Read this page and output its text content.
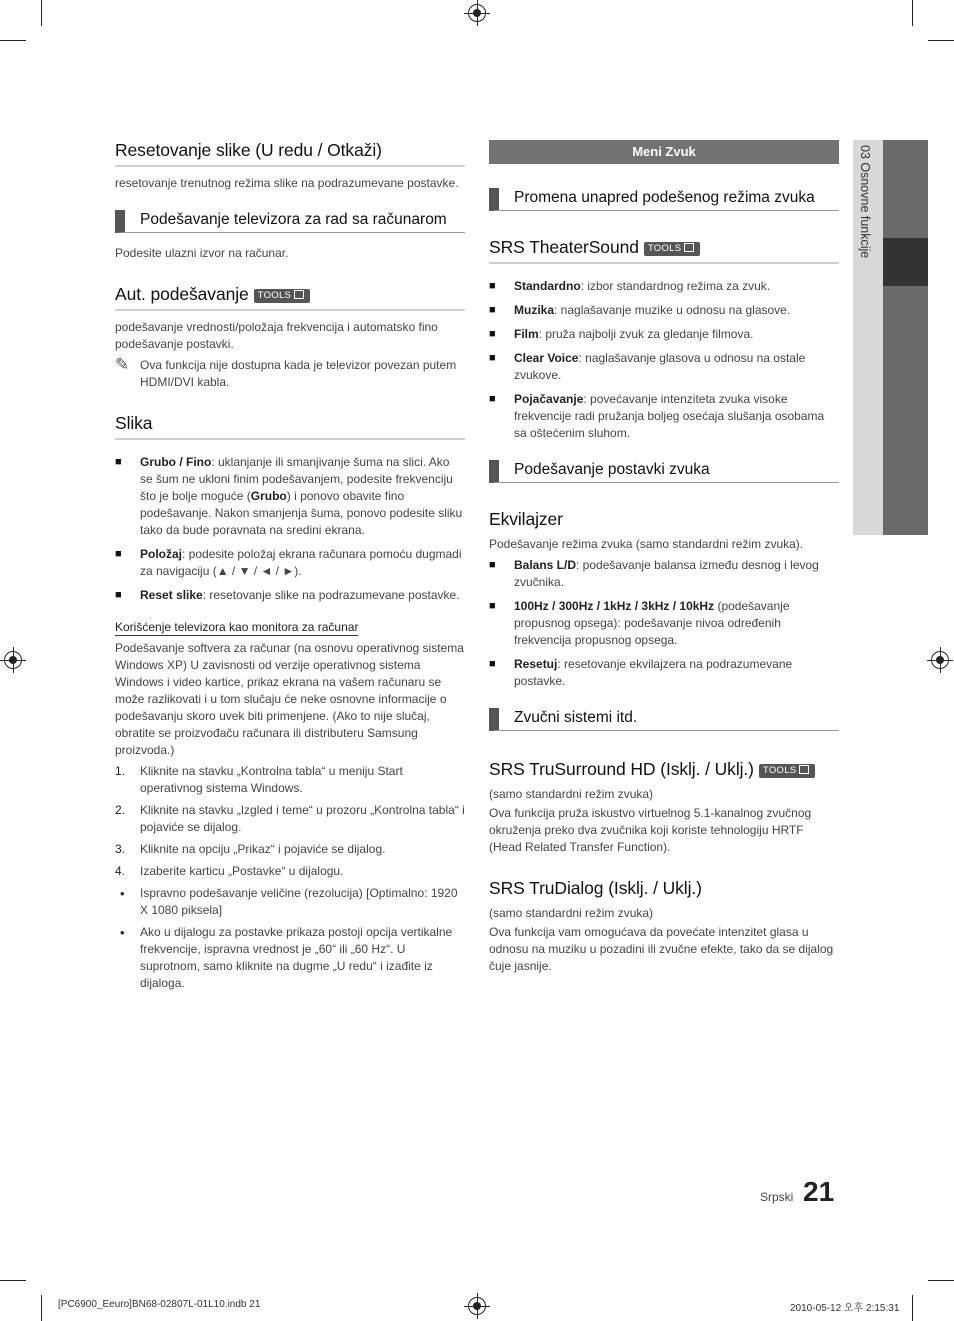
Resetovanje slike (U redu / Otkaži)
resetovanje trenutnog režima slike na podrazumevane postavke.
Podešavanje televizora za rad sa računarom
Podesite ulazni izvor na računar.
Aut. podešavanje TOOLS
podešavanje vrednosti/položaja frekvencija i automatsko fino podešavanje postavki.
✎ Ova funkcija nije dostupna kada je televizor povezan putem HDMI/DVI kabla.
Slika
■	Grubo / Fino: uklanjanje ili smanjivanje šuma na slici. Ako se šum ne ukloni finim podešavanjem, podesite frekvenciju što je bolje moguće (Grubo) i ponovo obavite fino podešavanje. Nakon smanjenja šuma, ponovo podesite sliku tako da bude poravnata na sredini ekrana.
■	Položaj: podesite položaj ekrana računara pomoću dugmadi za navigaciju (▲ / ▼ / ◄ / ►).
■	Reset slike: resetovanje slike na podrazumevane postavke.
Korišćenje televizora kao monitora za računar
Podešavanje softvera za računar (na osnovu operativnog sistema Windows XP) U zavisnosti od verzije operativnog sistema Windows i video kartice, prikaz ekrana na vašem računaru se može razlikovati i u tom slučaju će neke osnovne informacije o podešavanju skoro uvek biti primenjene. (Ako to nije slučaj, obratite se proizvođaču računara ili distributeru Samsung proizvoda.)
1.	Kliknite na stavku „Kontrolna tabla“ u meniju Start operativnog sistema Windows.
2.	Kliknite na stavku „Izgled i teme“ u prozoru „Kontrolna tabla“ i pojaviće se dijalog.
3.	Kliknite na opciju „Prikaz“ i pojaviće se dijalog.
4.	Izaberite karticu „Postavke“ u dijalogu.
•	Ispravno podešavanje veličine (rezolucija) [Optimalno: 1920 X 1080 piksela]
•	Ako u dijalogu za postavke prikaza postoji opcija vertikalne frekvencije, ispravna vrednost je „60“ ili „60 Hz“. U suprotnom, samo kliknite na dugme „U redu“ i izađite iz dijaloga.
Meni Zvuk
Promena unapred podešenog režima zvuka
SRS TheaterSound TOOLS
■	Standardno: izbor standardnog režima za zvuk.
■	Muzika: naglašavanje muzike u odnosu na glasove.
■	Film: pruža najbolji zvuk za gledanje filmova.
■	Clear Voice: naglašavanje glasova u odnosu na ostale zvukove.
■	Pojačavanje: povećavanje intenziteta zvuka visoke frekvencije radi pružanja boljeg osećaja slušanja osobama sa oštećenim sluhom.
Podešavanje postavki zvuka
Ekvilajzer
Podešavanje režima zvuka (samo standardni režim zvuka).
■	Balans L/D: podešavanje balansa između desnog i levog zvučnika.
■	100Hz / 300Hz / 1kHz / 3kHz / 10kHz (podešavanje propusnog opsega): podešavanje nivoa određenih frekvencija propusnog opsega.
■	Resetuj: resetovanje ekvilajzera na podrazumevane postavke.
Zvučni sistemi itd.
SRS TruSurround HD (Isklj. / Uklj.) TOOLS
(samo standardni režim zvuka)
Ova funkcija pruža iskustvo virtuelnog 5.1-kanalnog zvučnog okruženja preko dva zvučnika koji koriste tehnologiju HRTF (Head Related Transfer Function).
SRS TruDialog (Isklj. / Uklj.)
(samo standardni režim zvuka)
Ova funkcija vam omogućava da povećate intenzitet glasa u odnosu na muziku u pozadini ili zvučne efekte, tako da se dijalog čuje jasnije.
03 Osnovne funkcije
Srpski 21
[PC6900_Eeuro]BN68-02807L-01L10.indb 21	2010-05-12 오후 2:15:31
